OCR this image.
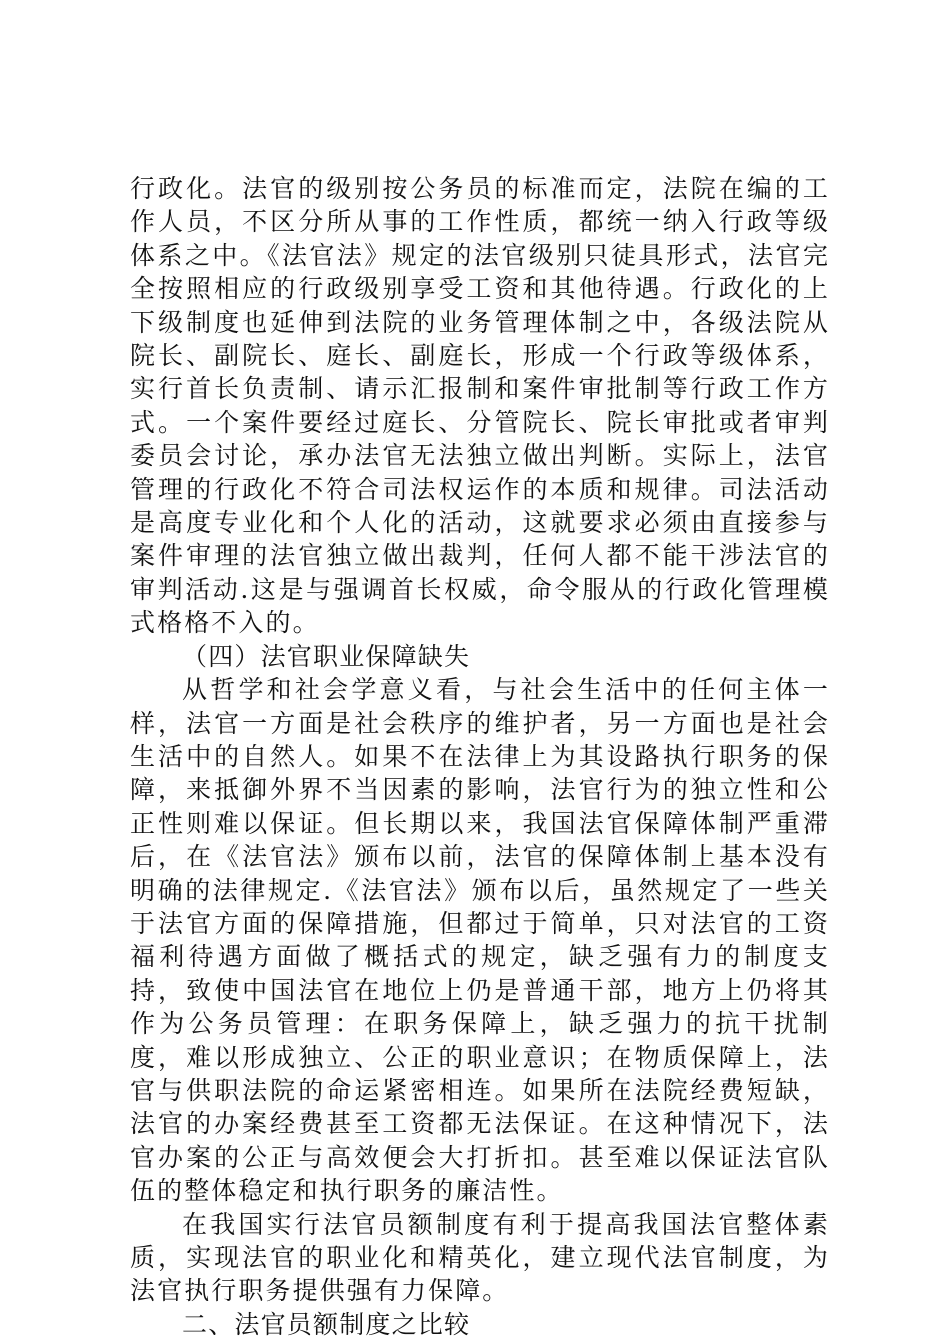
行政化。法官的级别按公务员的标准而定，法院在编的工作人员，不区分所从事的工作性质，都统一纳入行政等级体系之中。《法官法》规定的法官级别只徒具形式，法官完全按照相应的行政级别享受工资和其他待遇。行政化的上下级制度也延伸到法院的业务管理体制之中，各级法院从院长、副院长、庭长、副庭长，形成一个行政等级体系，实行首长负责制、请示汇报制和案件审批制等行政工作方式。一个案件要经过庭长、分管院长、院长审批或者审判委员会讨论，承办法官无法独立做出判断。实际上，法官管理的行政化不符合司法权运作的本质和规律。司法活动是高度专业化和个人化的活动，这就要求必须由直接参与案件审理的法官独立做出裁判，任何人都不能干涉法官的审判活动.这是与强调首长权威，命令服从的行政化管理模式格格不入的。

（四）法官职业保障缺失

从哲学和社会学意义看，与社会生活中的任何主体一样，法官一方面是社会秩序的维护者，另一方面也是社会生活中的自然人。如果不在法律上为其设路执行职务的保障，来抵御外界不当因素的影响，法官行为的独立性和公正性则难以保证。但长期以来，我国法官保障体制严重滞后，在《法官法》颁布以前，法官的保障体制上基本没有明确的法律规定.《法官法》颁布以后，虽然规定了一些关于法官方面的保障措施，但都过于简单，只对法官的工资福利待遇方面做了概括式的规定，缺乏强有力的制度支持，致使中国法官在地位上仍是普通干部，地方上仍将其作为公务员管理：在职务保障上，缺乏强力的抗干扰制度，难以形成独立、公正的职业意识；在物质保障上，法官与供职法院的命运紧密相连。如果所在法院经费短缺，法官的办案经费甚至工资都无法保证。在这种情况下，法官办案的公正与高效便会大打折扣。甚至难以保证法官队伍的整体稳定和执行职务的廉洁性。

在我国实行法官员额制度有利于提高我国法官整体素质，实现法官的职业化和精英化，建立现代法官制度，为法官执行职务提供强有力保障。

二、法官员额制度之比较
